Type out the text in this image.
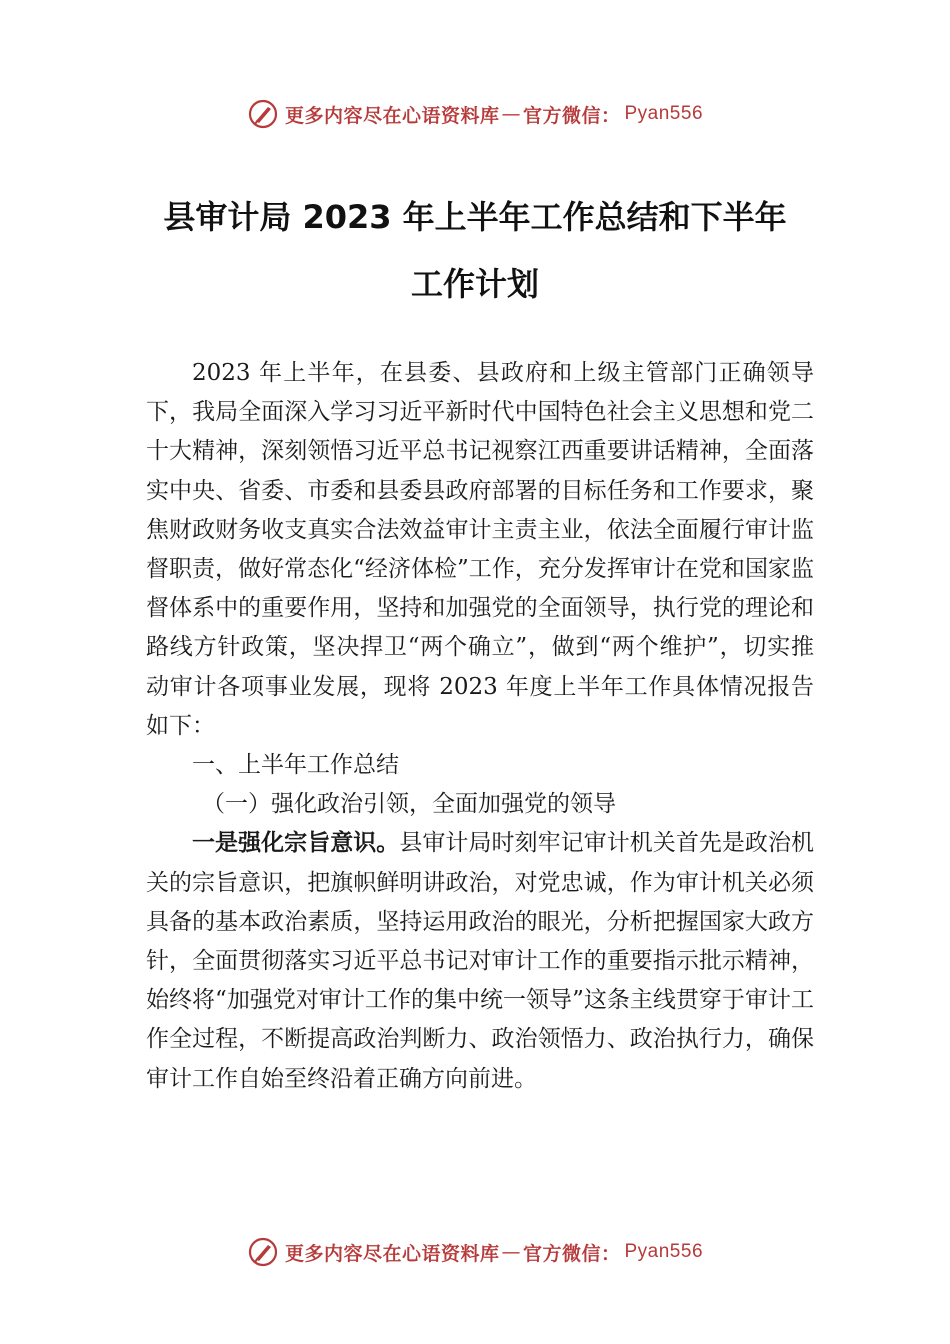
更多内容尽在心语资料库 — 官方微信： Pyan556
县审计局 2023 年上半年工作总结和下半年
工作计划

2023 年上半年，在县委、县政府和上级主管部门正确领导下，我局全面深入学习习近平新时代中国特色社会主义思想和党二十大精神，深刻领悟习近平总书记视察江西重要讲话精神，全面落实中央、省委、市委和县委县政府部署的目标任务和工作要求，聚焦财政财务收支真实合法效益审计主责主业，依法全面履行审计监督职责，做好常态化“经济体检”工作，充分发挥审计在党和国家监督体系中的重要作用，坚持和加强党的全面领导，执行党的理论和路线方针政策，坚决捍卫“两个确立”，做到“两个维护”，切实推动审计各项事业发展，现将 2023 年度上半年工作具体情况报告如下：

一、上半年工作总结

（一）强化政治引领，全面加强党的领导

一是强化宗旨意识。县审计局时刻牢记审计机关首先是政治机关的宗旨意识，把旗帜鲜明讲政治，对党忠诚，作为审计机关必须具备的基本政治素质，坚持运用政治的眼光，分析把握国家大政方针，全面贯彻落实习近平总书记对审计工作的重要指示批示精神，始终将“加强党对审计工作的集中统一领导”这条主线贯穿于审计工作全过程，不断提高政治判断力、政治领悟力、政治执行力，确保审计工作自始至终沿着正确方向前进。

更多内容尽在心语资料库 — 官方微信： Pyan556
